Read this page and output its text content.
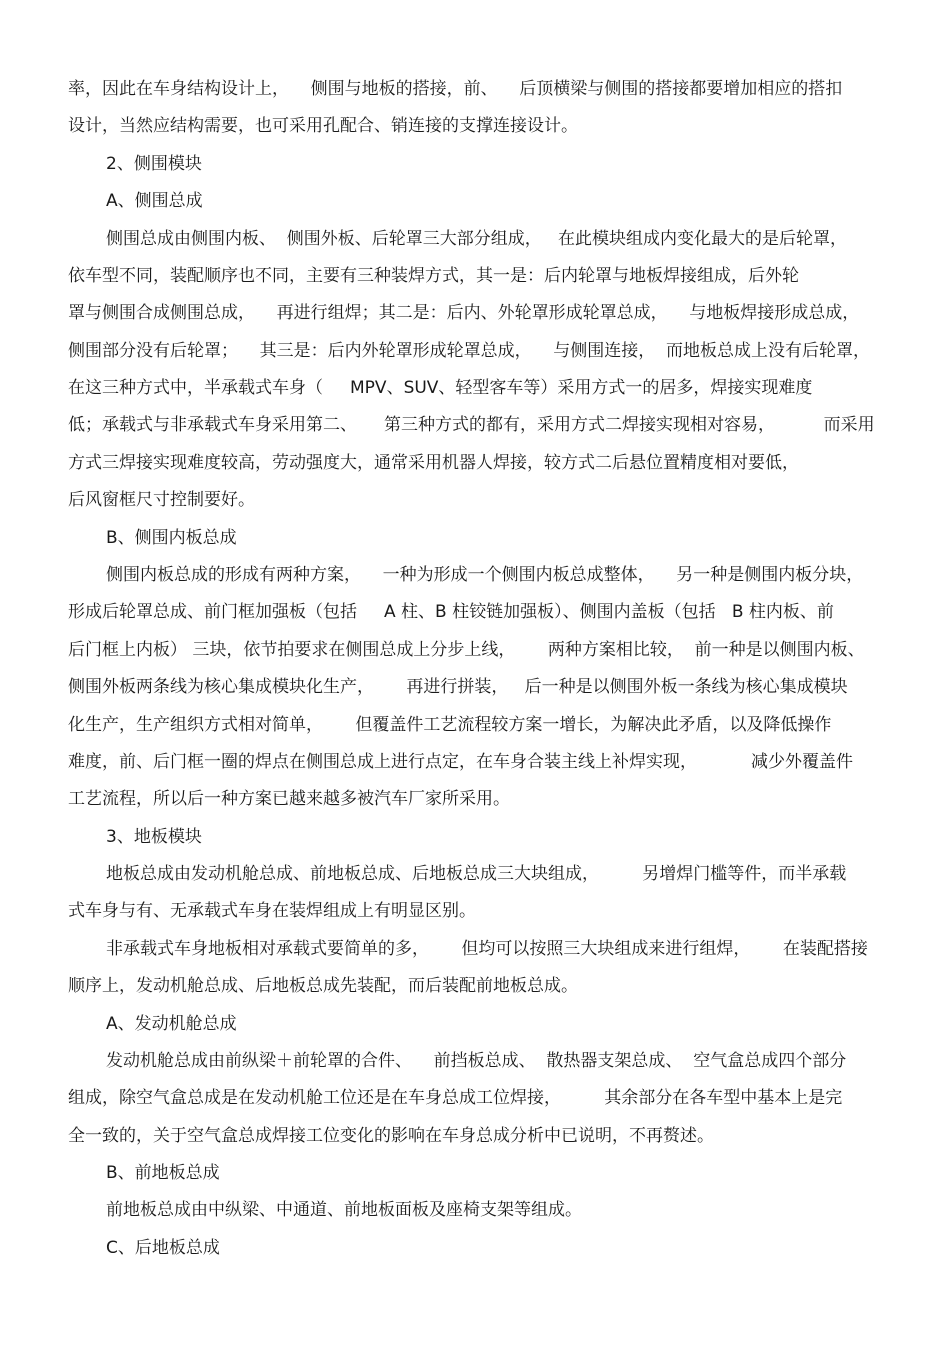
率，因此在车身结构设计上，    侧围与地板的搭接，前、    后顶横梁与侧围的搭接都要增加相应的搭扣
设计，当然应结构需要，也可采用孔配合、销连接的支撑连接设计。
2、侧围模块
A、侧围总成
侧围总成由侧围内板、  侧围外板、后轮罩三大部分组成，   在此模块组成内变化最大的是后轮罩，
依车型不同，装配顺序也不同，主要有三种装焊方式，其一是：后内轮罩与地板焊接组成，后外轮
罩与侧围合成侧围总成，    再进行组焊；其二是：后内、外轮罩形成轮罩总成，    与地板焊接形成总成，
侧围部分没有后轮罩；    其三是：后内外轮罩形成轮罩总成，    与侧围连接，  而地板总成上没有后轮罩，
在这三种方式中，半承载式车身（     MPV、SUV、轻型客车等）采用方式一的居多，焊接实现难度
低；承载式与非承载式车身采用第二、     第三种方式的都有，采用方式二焊接实现相对容易，         而采用
方式三焊接实现难度较高，劳动强度大，通常采用机器人焊接，较方式二后悬位置精度相对要低，
后风窗框尺寸控制要好。
B、侧围内板总成
侧围内板总成的形成有两种方案，    一种为形成一个侧围内板总成整体，    另一种是侧围内板分块，
形成后轮罩总成、前门框加强板（包括     A 柱、B 柱铰链加强板）、侧围内盖板（包括   B 柱内板、前
后门框上内板） 三块，依节拍要求在侧围总成上分步上线，      两种方案相比较，  前一种是以侧围内板、
侧围外板两条线为核心集成模块化生产，      再进行拼装，   后一种是以侧围外板一条线为核心集成模块
化生产，生产组织方式相对简单，      但覆盖件工艺流程较方案一增长，为解决此矛盾，以及降低操作
难度，前、后门框一圈的焊点在侧围总成上进行点定，在车身合装主线上补焊实现，          减少外覆盖件
工艺流程，所以后一种方案已越来越多被汽车厂家所采用。
3、地板模块
地板总成由发动机舱总成、前地板总成、后地板总成三大块组成，        另增焊门槛等件，而半承载
式车身与有、无承载式车身在装焊组成上有明显区别。
非承载式车身地板相对承载式要简单的多，      但均可以按照三大块组成来进行组焊，      在装配搭接
顺序上，发动机舱总成、后地板总成先装配，而后装配前地板总成。
A、发动机舱总成
发动机舱总成由前纵梁＋前轮罩的合件、    前挡板总成、  散热器支架总成、  空气盒总成四个部分
组成，除空气盒总成是在发动机舱工位还是在车身总成工位焊接，        其余部分在各车型中基本上是完
全一致的，关于空气盒总成焊接工位变化的影响在车身总成分析中已说明，不再赘述。
B、前地板总成
前地板总成由中纵梁、中通道、前地板面板及座椅支架等组成。
C、后地板总成
